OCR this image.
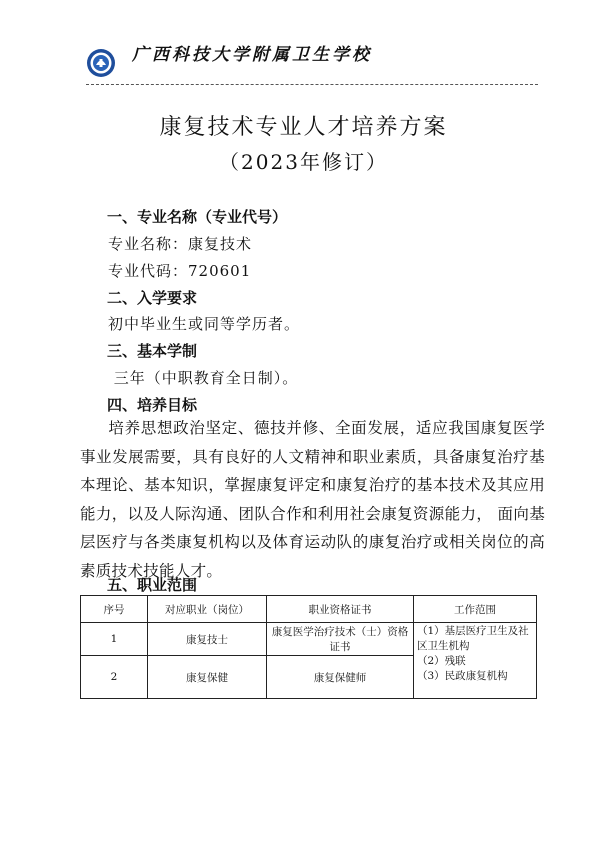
广西科技大学附属卫生学校
康复技术专业人才培养方案
（2023年修订）
一、专业名称（专业代号）
专业名称：康复技术
专业代码：720601
二、入学要求
初中毕业生或同等学历者。
三、基本学制
三年（中职教育全日制）。
四、培养目标
培养思想政治坚定、德技并修、全面发展，适应我国康复医学事业发展需要，具有良好的人文精神和职业素质，具备康复治疗基本理论、基本知识，掌握康复评定和康复治疗的基本技术及其应用能力，以及人际沟通、团队合作和利用社会康复资源能力， 面向基层医疗与各类康复机构以及体育运动队的康复治疗或相关岗位的高素质技术技能人才。
五、职业范围
序号	对应职业（岗位）	职业资格证书	工作范围
1	康复技士	康复医学治疗技术（士）资格证书	（1）基层医疗卫生及社区卫生机构
（2）残联
（3）民政康复机构

2	康复保健	康复保健师	
